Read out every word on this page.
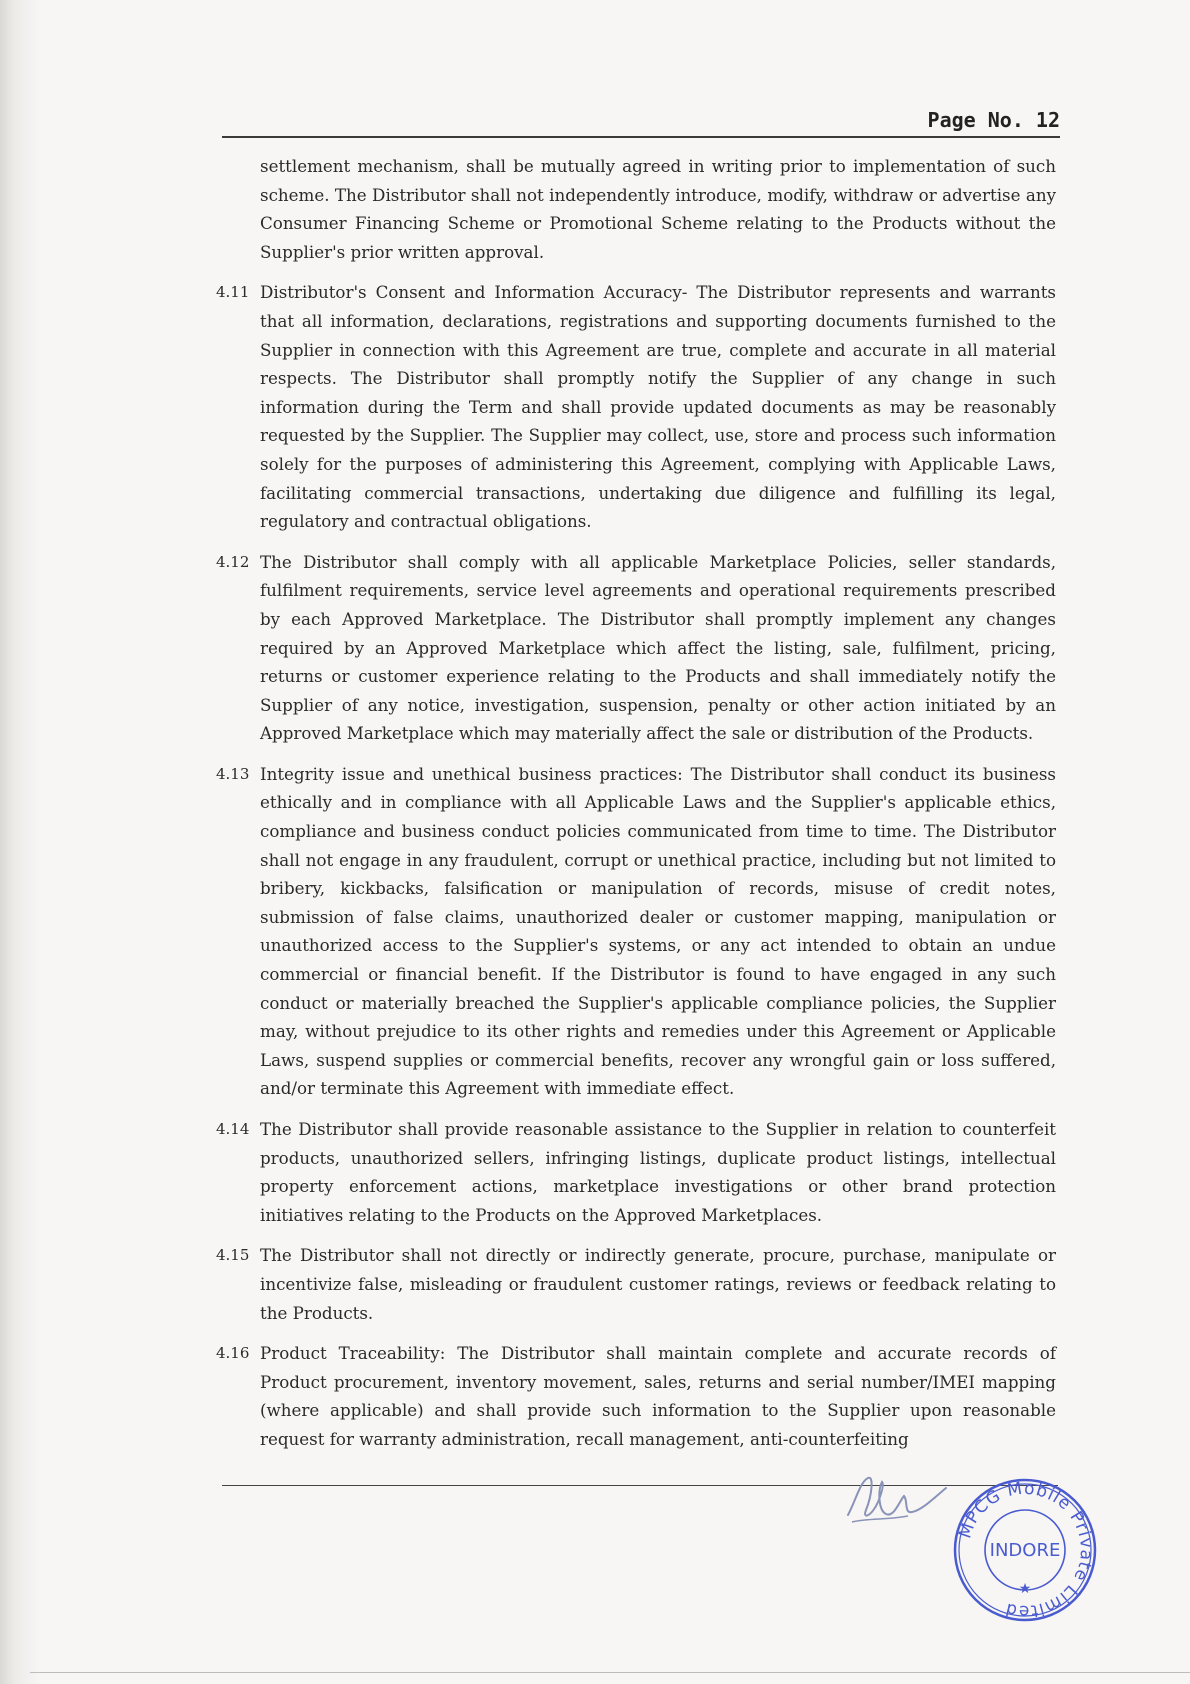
Page No. 12

settlement mechanism, shall be mutually agreed in writing prior to implementation of such scheme. The Distributor shall not independently introduce, modify, withdraw or advertise any Consumer Financing Scheme or Promotional Scheme relating to the Products without the Supplier's prior written approval.

4.11 Distributor's Consent and Information Accuracy- The Distributor represents and warrants that all information, declarations, registrations and supporting documents furnished to the Supplier in connection with this Agreement are true, complete and accurate in all material respects. The Distributor shall promptly notify the Supplier of any change in such information during the Term and shall provide updated documents as may be reasonably requested by the Supplier. The Supplier may collect, use, store and process such information solely for the purposes of administering this Agreement, complying with Applicable Laws, facilitating commercial transactions, undertaking due diligence and fulfilling its legal, regulatory and contractual obligations.
4.12 The Distributor shall comply with all applicable Marketplace Policies, seller standards, fulfilment requirements, service level agreements and operational requirements prescribed by each Approved Marketplace. The Distributor shall promptly implement any changes required by an Approved Marketplace which affect the listing, sale, fulfilment, pricing, returns or customer experience relating to the Products and shall immediately notify the Supplier of any notice, investigation, suspension, penalty or other action initiated by an Approved Marketplace which may materially affect the sale or distribution of the Products.
4.13 Integrity issue and unethical business practices: The Distributor shall conduct its business ethically and in compliance with all Applicable Laws and the Supplier's applicable ethics, compliance and business conduct policies communicated from time to time. The Distributor shall not engage in any fraudulent, corrupt or unethical practice, including but not limited to bribery, kickbacks, falsification or manipulation of records, misuse of credit notes, submission of false claims, unauthorized dealer or customer mapping, manipulation or unauthorized access to the Supplier's systems, or any act intended to obtain an undue commercial or financial benefit. If the Distributor is found to have engaged in any such conduct or materially breached the Supplier's applicable compliance policies, the Supplier may, without prejudice to its other rights and remedies under this Agreement or Applicable Laws, suspend supplies or commercial benefits, recover any wrongful gain or loss suffered, and/or terminate this Agreement with immediate effect.
4.14 The Distributor shall provide reasonable assistance to the Supplier in relation to counterfeit products, unauthorized sellers, infringing listings, duplicate product listings, intellectual property enforcement actions, marketplace investigations or other brand protection initiatives relating to the Products on the Approved Marketplaces.
4.15 The Distributor shall not directly or indirectly generate, procure, purchase, manipulate or incentivize false, misleading or fraudulent customer ratings, reviews or feedback relating to the Products.
4.16 Product Traceability: The Distributor shall maintain complete and accurate records of Product procurement, inventory movement, sales, returns and serial number/IMEI mapping (where applicable) and shall provide such information to the Supplier upon reasonable request for warranty administration, recall management, anti-counterfeiting
MPCG Mobile Private Limited
INDORE
★
